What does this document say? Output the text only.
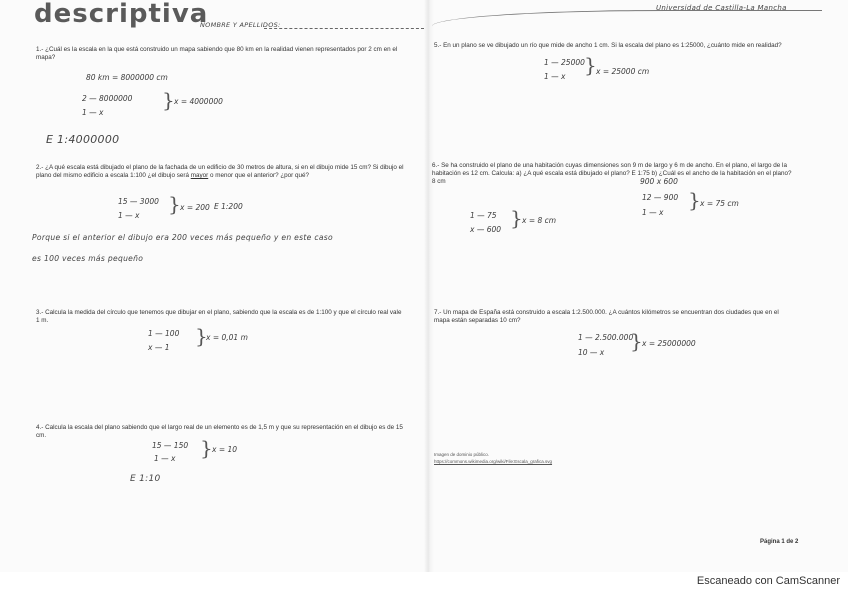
descriptiva
NOMBRE Y APELLIDOS:
Universidad de Castilla-La Mancha
1.- ¿Cuál es la escala en la que está construido un mapa sabiendo que 80 km en la realidad vienen representados por 2 cm en el mapa?
80 km = 8000000 cm
2 — 8000000
1 — x
} x = 4000000
E 1:4000000
2.- ¿A qué escala está dibujado el plano de la fachada de un edificio de 30 metros de altura, si en el dibujo mide 15 cm? Si dibujo el plano del mismo edificio a escala 1:100 ¿el dibujo será mayor o menor que el anterior? ¿por qué?
15 — 3000
1 — x } x = 200 E 1:200
Porque si el anterior el dibujo era 200 veces más pequeño y en este caso
es 100 veces más pequeño
3.- Calcula la medida del círculo que tenemos que dibujar en el plano, sabiendo que la escala es de 1:100 y que el círculo real vale 1 m.
1 — 100
x — 1 }
x = 0,01 m
4.- Calcula la escala del plano sabiendo que el largo real de un elemento es de 1,5 m y que su representación en el dibujo es de 15 cm.
15 — 150
1 — x } x = 10
E 1:10
5.- En un plano se ve dibujado un río que mide de ancho 1 cm. Si la escala del plano es 1:25000, ¿cuánto mide en realidad?
1 — 25000
1 — x } x = 25000 cm
6.- Se ha construido el plano de una habitación cuyas dimensiones son 9 m de largo y 6 m de ancho. En el plano, el largo de la habitación es 12 cm. Calcula: a) ¿A qué escala está dibujado el plano? E 1:75 b) ¿Cuál es el ancho de la habitación en el plano? 8 cm	900 x 600
12 — 900
1 — x
} x = 75 cm
1 — 75
x — 600 } x = 8 cm
7.- Un mapa de España está construido a escala 1:2.500.000. ¿A cuántos kilómetros se encuentran dos ciudades que en el mapa están separadas 10 cm?
1 — 2.500.000
10 — x } x = 25000000
Imagen de dominio público.
https://commons.wikimedia.org/wiki/File:Escala_grafica.svg
Página 1 de 2
Escaneado con CamScanner
